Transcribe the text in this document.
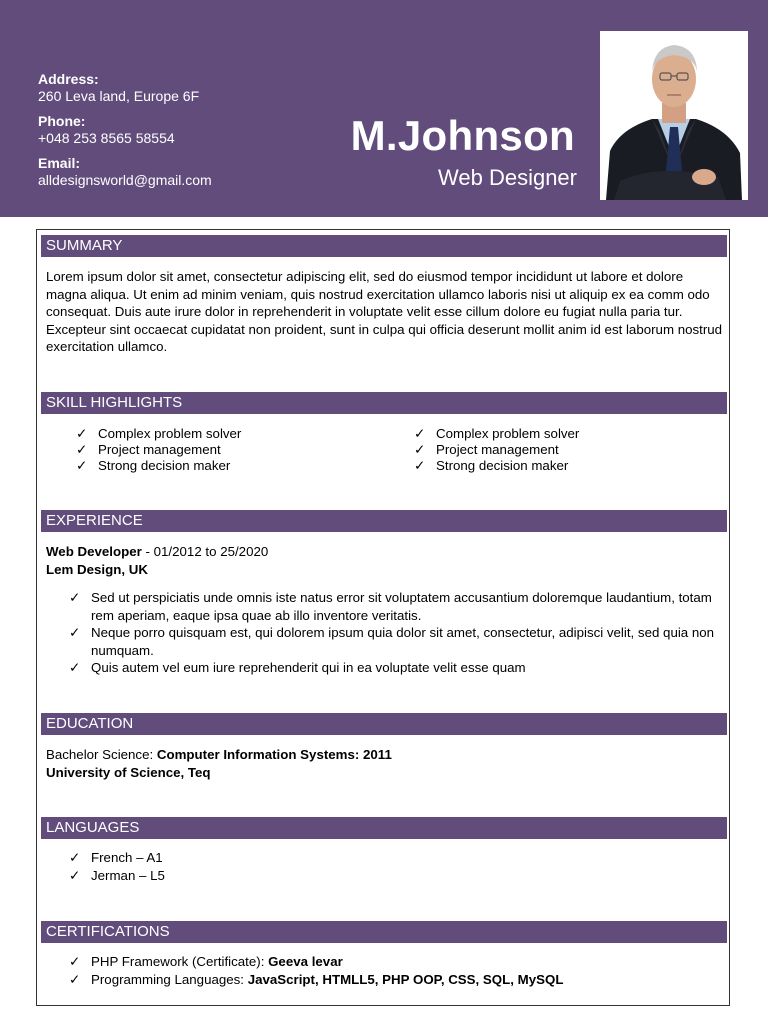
Address:
260 Leva land, Europe 6F
Phone:
+048 253 8565 58554
Email:
alldesignsworld@gmail.com
M.Johnson
Web Designer
SUMMARY
Lorem ipsum dolor sit amet, consectetur adipiscing elit, sed do eiusmod tempor incididunt ut labore et dolore magna aliqua. Ut enim ad minim veniam, quis nostrud exercitation ullamco laboris nisi ut aliquip ex ea comm odo consequat. Duis aute irure dolor in reprehenderit in voluptate velit esse cillum dolore eu fugiat nulla paria tur. Excepteur sint occaecat cupidatat non proident, sunt in culpa qui officia deserunt mollit anim id est laborum nostrud exercitation ullamco.
SKILL HIGHLIGHTS
✓ Complex problem solver
✓ Project management
✓ Strong decision maker
✓ Complex problem solver
✓ Project management
✓ Strong decision maker
EXPERIENCE
Web Developer - 01/2012 to 25/2020
Lem Design, UK
✓ Sed ut perspiciatis unde omnis iste natus error sit voluptatem accusantium doloremque laudantium, totam rem aperiam, eaque ipsa quae ab illo inventore veritatis.
✓ Neque porro quisquam est, qui dolorem ipsum quia dolor sit amet, consectetur, adipisci velit, sed quia non numquam.
✓ Quis autem vel eum iure reprehenderit qui in ea voluptate velit esse quam
EDUCATION
Bachelor Science: Computer Information Systems: 2011
University of Science, Teq
LANGUAGES
✓ French – A1
✓ Jerman – L5
CERTIFICATIONS
✓ PHP Framework (Certificate): Geeva levar
✓ Programming Languages: JavaScript, HTMLL5, PHP OOP, CSS, SQL, MySQL
